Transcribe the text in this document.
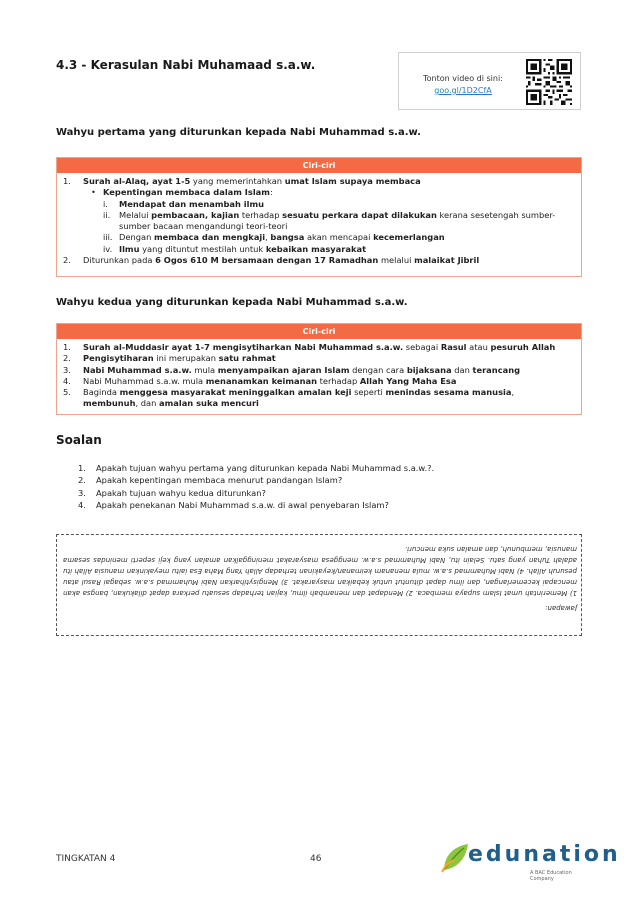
4.3 - Kerasulan Nabi Muhamaad s.a.w.
Tonton video di sini:
goo.gl/1D2CfA
Wahyu pertama yang diturunkan kepada Nabi Muhammad s.a.w.
Ciri-ciri
1.	Surah al-Alaq, ayat 1-5 yang memerintahkan umat Islam supaya membaca
• Kepentingan membaca dalam Islam:
i.	Mendapat dan menambah ilmu
ii.	Melalui pembacaan, kajian terhadap sesuatu perkara dapat dilakukan kerana sesetengah sumber-
sumber bacaan mengandungi teori-teori
iii. Dengan membaca dan mengkaji, bangsa akan mencapai kecemerlangan
iv. Ilmu yang dituntut mestilah untuk kebaikan masyarakat
2.	Diturunkan pada 6 Ogos 610 M bersamaan dengan 17 Ramadhan melalui malaikat Jibril
Wahyu kedua yang diturunkan kepada Nabi Muhammad s.a.w.
Ciri-ciri
1.	Surah al-Muddasir ayat 1-7 mengisytiharkan Nabi Muhammad s.a.w. sebagai Rasul atau pesuruh Allah
2.	Pengisytiharan ini merupakan satu rahmat
3.	Nabi Muhammad s.a.w. mula menyampaikan ajaran Islam dengan cara bijaksana dan terancang
4.	Nabi Muhammad s.a.w. mula menanamkan keimanan terhadap Allah Yang Maha Esa
5.	Baginda menggesa masyarakat meninggalkan amalan keji seperti menindas sesama manusia,
membunuh, dan amalan suka mencuri
Soalan
1.	Apakah tujuan wahyu pertama yang diturunkan kepada Nabi Muhammad s.a.w.?.
2.	Apakah kepentingan membaca menurut pandangan Islam?
3.	Apakah tujuan wahyu kedua diturunkan?
4.	Apakah penekanan Nabi Muhammad s.a.w. di awal penyebaran Islam?
Jawapan:
1) Memerintah umat Islam supaya membaca. 2) Mendapat dan menambah ilmu, kajian terhadap sesuatu perkara dapat dilakukan, bangsa akan mencapai kecemerlangan, dan ilmu dapat dituntut untuk kebaikan masyarakat. 3) Mengisytiharkan Nabi Muhammad s.a.w. sebagai Rasul atau pesuruh Allah. 4) Nabi Muhammad s.a.w. mula menanam keimanan/keyakinan terhadap Allah Yang Maha Esa iaitu meyakinkan manusia Allah itu adalah Tuhan yang satu. Selain itu, Nabi Muhammad s.a.w. menggesa masyarakat meninggalkan amalan yang keji seperti menindas sesama manusia, membunuh, dan amalan suka mencuri.
TINGKATAN 4	46	edunation
A BAC Education Company
